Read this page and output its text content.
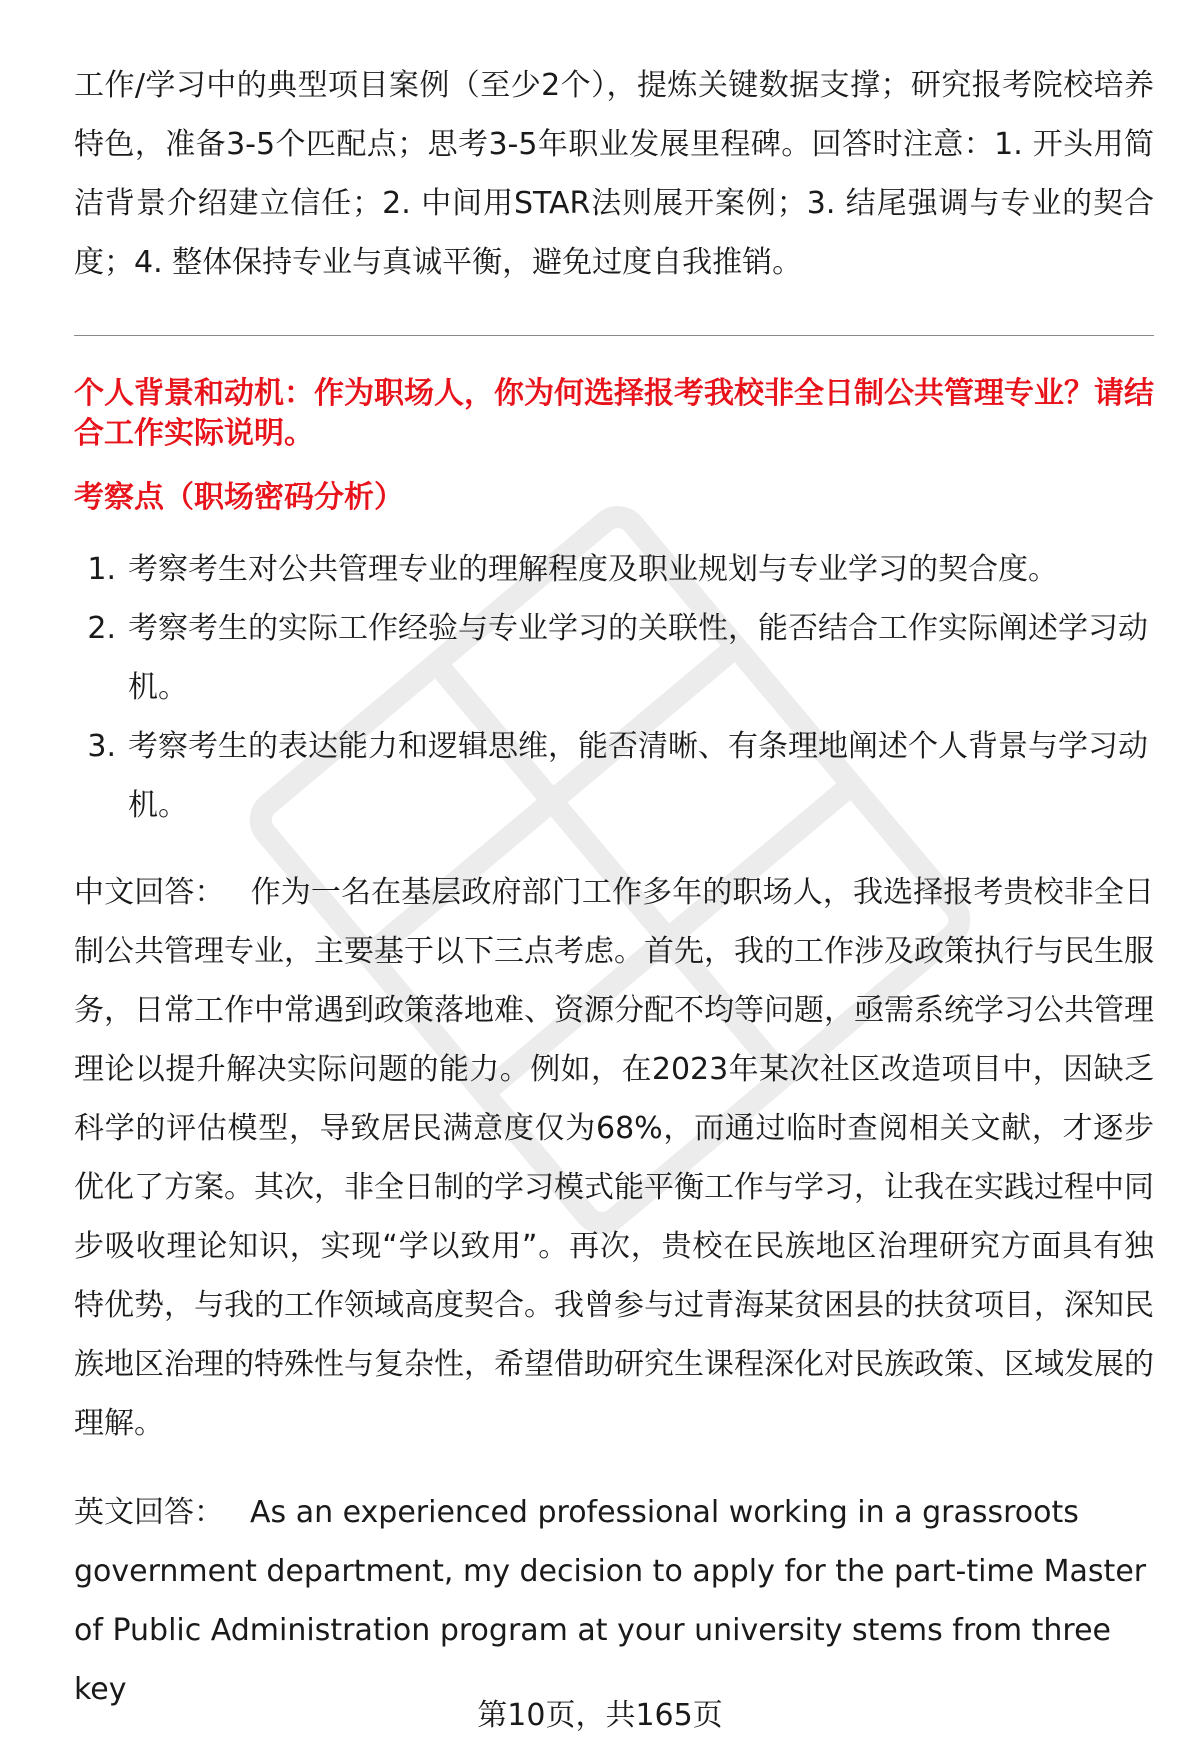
工作/学习中的典型项目案例（至少2个），提炼关键数据支撑；研究报考院校培养特色，准备3-5个匹配点；思考3-5年职业发展里程碑。回答时注意：1. 开头用简洁背景介绍建立信任；2. 中间用STAR法则展开案例；3. 结尾强调与专业的契合度；4. 整体保持专业与真诚平衡，避免过度自我推销。

个人背景和动机：作为职场人，你为何选择报考我校非全日制公共管理专业？请结合工作实际说明。

考察点（职场密码分析）

1. 考察考生对公共管理专业的理解程度及职业规划与专业学习的契合度。
2. 考察考生的实际工作经验与专业学习的关联性，能否结合工作实际阐述学习动机。
3. 考察考生的表达能力和逻辑思维，能否清晰、有条理地阐述个人背景与学习动机。

中文回答： 作为一名在基层政府部门工作多年的职场人，我选择报考贵校非全日制公共管理专业，主要基于以下三点考虑。首先，我的工作涉及政策执行与民生服务，日常工作中常遇到政策落地难、资源分配不均等问题，亟需系统学习公共管理理论以提升解决实际问题的能力。例如，在2023年某次社区改造项目中，因缺乏科学的评估模型，导致居民满意度仅为68%，而通过临时查阅相关文献，才逐步优化了方案。其次，非全日制的学习模式能平衡工作与学习，让我在实践过程中同步吸收理论知识，实现“学以致用”。再次，贵校在民族地区治理研究方面具有独特优势，与我的工作领域高度契合。我曾参与过青海某贫困县的扶贫项目，深知民族地区治理的特殊性与复杂性，希望借助研究生课程深化对民族政策、区域发展的理解。

英文回答： As an experienced professional working in a grassroots government department, my decision to apply for the part-time Master of Public Administration program at your university stems from three key

第10页，共165页
